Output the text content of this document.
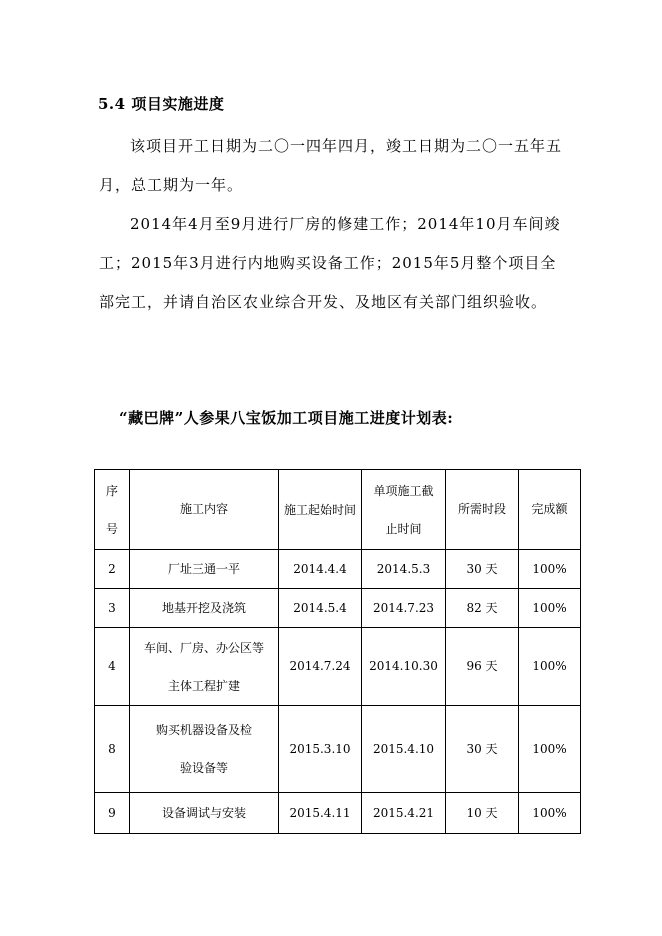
5.4 项目实施进度

该项目开工日期为二〇一四年四月，竣工日期为二〇一五年五月，总工期为一年。

2014年4月至9月进行厂房的修建工作；2014年10月车间竣工；2015年3月进行内地购买设备工作；2015年5月整个项目全部完工，并请自治区农业综合开发、及地区有关部门组织验收。

“藏巴牌”人参果八宝饭加工项目施工进度计划表:
序号	施工内容	施工起始时间	单项施工截止时间	所需时段	完成额
2	厂址三通一平	2014.4.4	2014.5.3	30 天	100%
3	地基开挖及浇筑	2014.5.4	2014.7.23	82 天	100%
4	车间、厂房、办公区等主体工程扩建	2014.7.24	2014.10.30	96 天	100%
8	购买机器设备及检验设备等	2015.3.10	2015.4.10	30 天	100%
9	设备调试与安装	2015.4.11	2015.4.21	10 天	100%
